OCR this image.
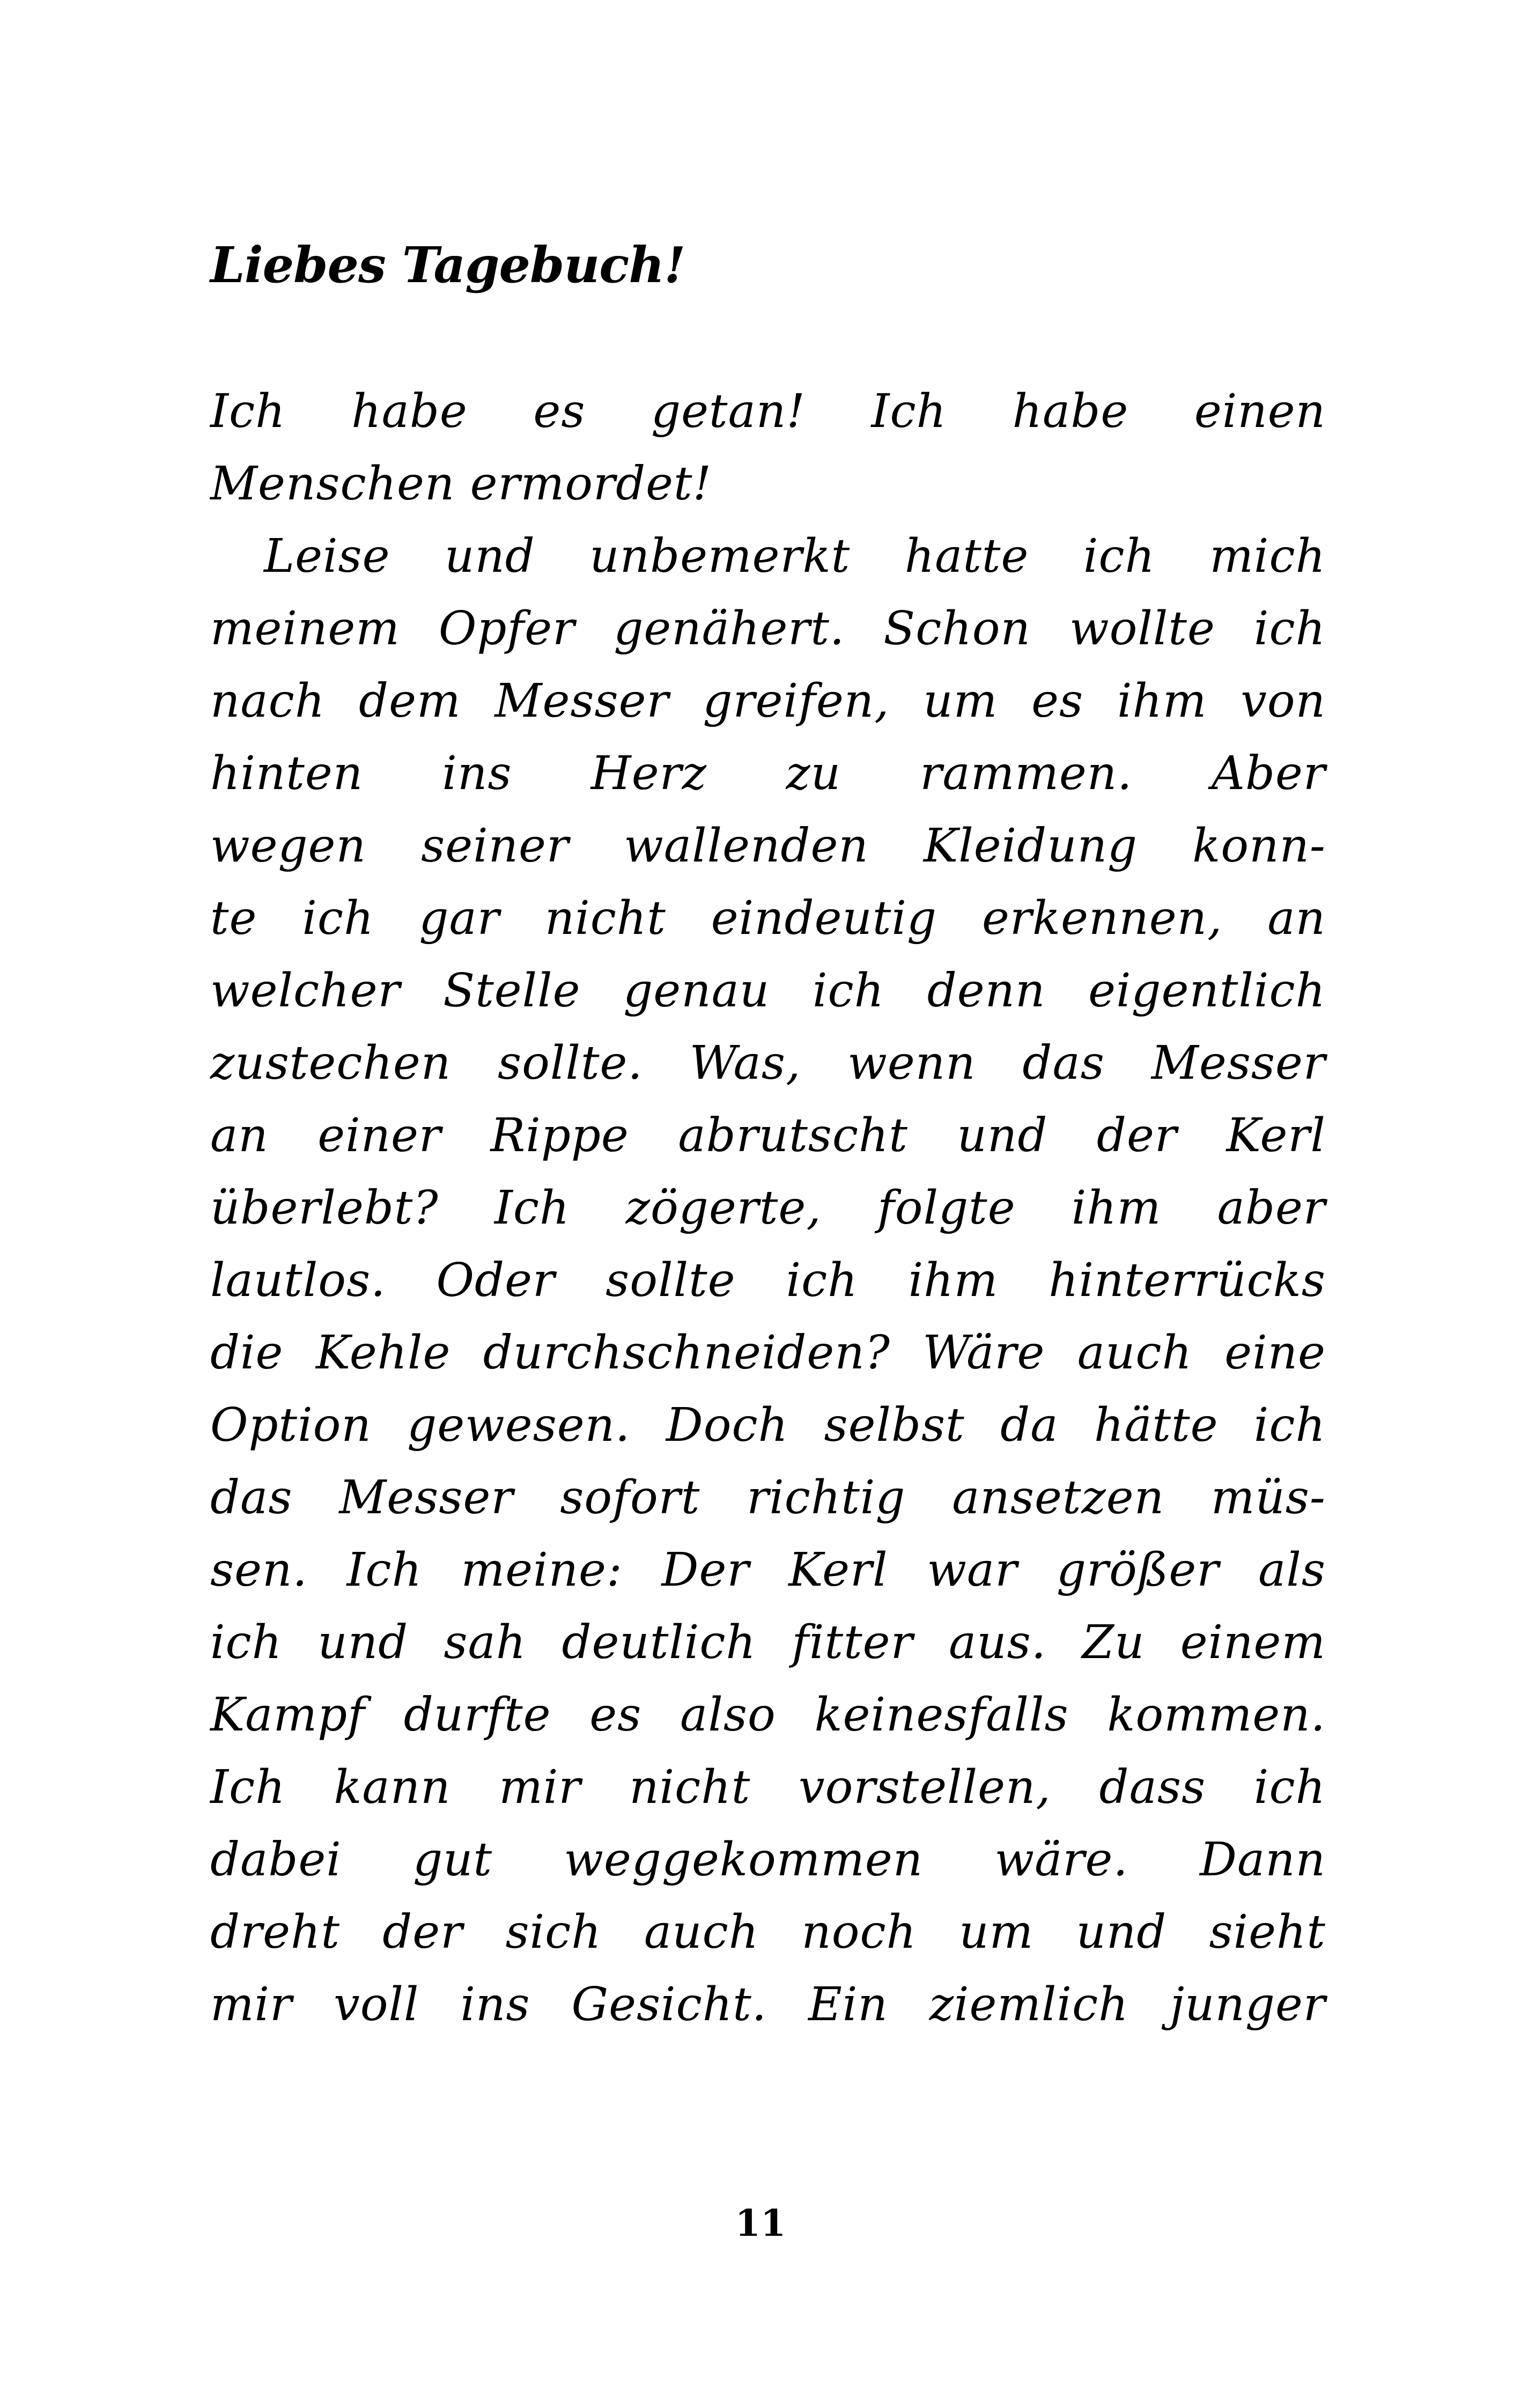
Liebes Tagebuch!
Ich habe es getan! Ich habe einen
Menschen ermordet!
Leise und unbemerkt hatte ich mich
meinem Opfer genähert. Schon wollte ich
nach dem Messer greifen, um es ihm von
hinten ins Herz zu rammen. Aber
wegen seiner wallenden Kleidung konn-
te ich gar nicht eindeutig erkennen, an
welcher Stelle genau ich denn eigentlich
zustechen sollte. Was, wenn das Messer
an einer Rippe abrutscht und der Kerl
überlebt? Ich zögerte, folgte ihm aber
lautlos. Oder sollte ich ihm hinterrücks
die Kehle durchschneiden? Wäre auch eine
Option gewesen. Doch selbst da hätte ich
das Messer sofort richtig ansetzen müs-
sen. Ich meine: Der Kerl war größer als
ich und sah deutlich fitter aus. Zu einem
Kampf durfte es also keinesfalls kommen.
Ich kann mir nicht vorstellen, dass ich
dabei gut weggekommen wäre. Dann
dreht der sich auch noch um und sieht
mir voll ins Gesicht. Ein ziemlich junger
11
